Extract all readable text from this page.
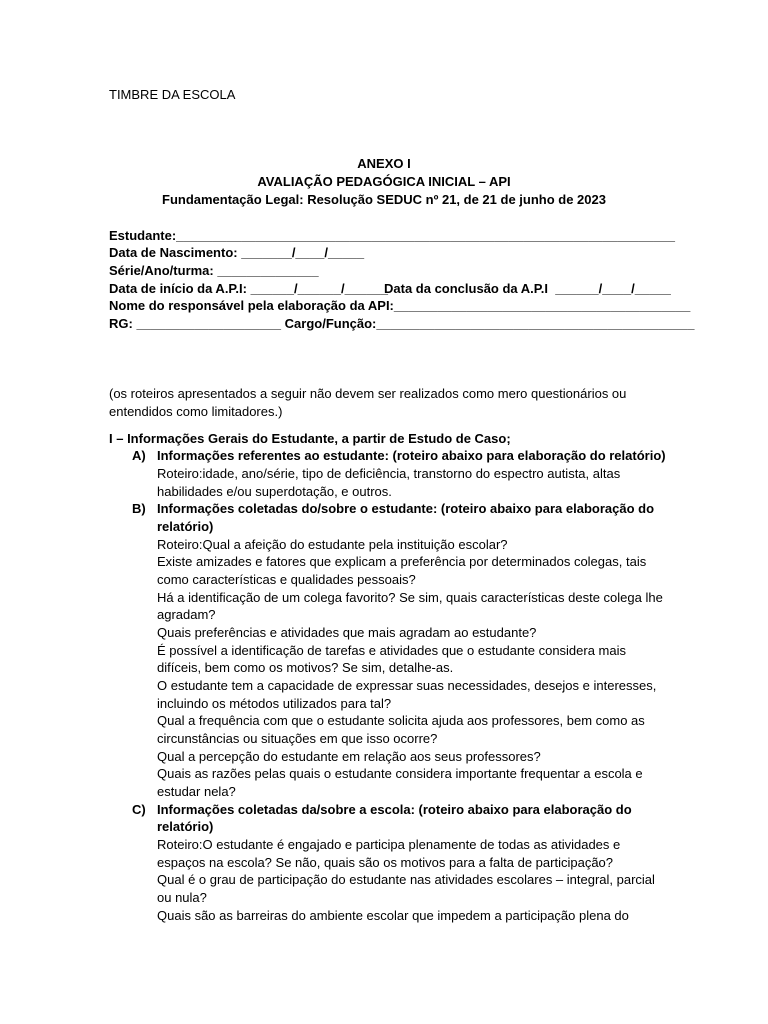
TIMBRE DA ESCOLA
ANEXO I
AVALIAÇÃO PEDAGÓGICA INICIAL – API
Fundamentação Legal: Resolução SEDUC nº 21, de 21 de junho de 2023
Estudante:_____________________________________________________________________
Data de Nascimento: _______/____/_____
Série/Ano/turma: ______________
Data de início da A.P.I: ______/______/______
Data da conclusão da A.P.I  ______/____/_____
Nome do responsável pela elaboração da API:_________________________________________
RG: ____________________ Cargo/Função:____________________________________________
(os roteiros apresentados a seguir não devem ser realizados como mero questionários ou
entendidos como limitadores.)
I – Informações Gerais do Estudante, a partir de Estudo de Caso;
A) Informações referentes ao estudante: (roteiro abaixo para elaboração do relatório)
Roteiro:idade, ano/série, tipo de deficiência, transtorno do espectro autista, altas
habilidades e/ou superdotação, e outros.
B) Informações coletadas do/sobre o estudante: (roteiro abaixo para elaboração do
relatório)
Roteiro:Qual a afeição do estudante pela instituição escolar?
Existe amizades e fatores que explicam a preferência por determinados colegas, tais
como características e qualidades pessoais?
Há a identificação de um colega favorito? Se sim, quais características deste colega lhe
agradam?
Quais preferências e atividades que mais agradam ao estudante?
É possível a identificação de tarefas e atividades que o estudante considera mais
difíceis, bem como os motivos? Se sim, detalhe-as.
O estudante tem a capacidade de expressar suas necessidades, desejos e interesses,
incluindo os métodos utilizados para tal?
Qual a frequência com que o estudante solicita ajuda aos professores, bem como as
circunstâncias ou situações em que isso ocorre?
Qual a percepção do estudante em relação aos seus professores?
Quais as razões pelas quais o estudante considera importante frequentar a escola e
estudar nela?
C) Informações coletadas da/sobre a escola: (roteiro abaixo para elaboração do
relatório)
Roteiro:O estudante é engajado e participa plenamente de todas as atividades e
espaços na escola? Se não, quais são os motivos para a falta de participação?
Qual é o grau de participação do estudante nas atividades escolares – integral, parcial
ou nula?
Quais são as barreiras do ambiente escolar que impedem a participação plena do
